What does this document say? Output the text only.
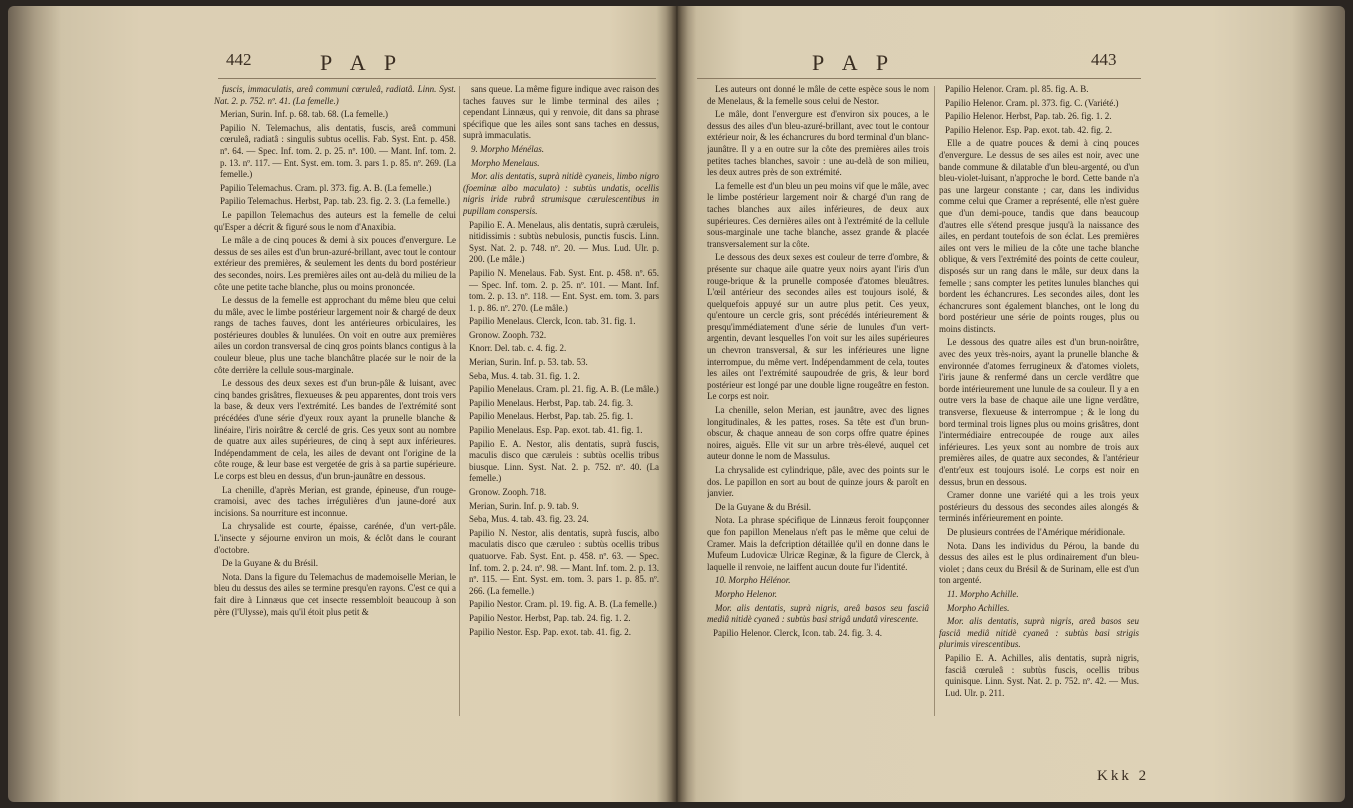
442	P A P

fuscis, immaculatis, areâ communi cœruleâ, radiatâ. Linn. Syst. Nat. 2. p. 752. nº. 41. (La femelle.)

Merian, Surin. Inf. p. 68. tab. 68. (La femelle.)

Papilio N. Telemachus, alis dentatis, fuscis, areâ communi cœruleâ, radiatâ : singulis subtus ocellis. Fab. Syst. Ent. p. 458. nº. 64. — Spec. Inf. tom. 2. p. 25. nº. 100. — Mant. Inf. tom. 2. p. 13. nº. 117. — Ent. Syst. em. tom. 3. pars 1. p. 85. nº. 269. (La femelle.)

Papilio Telemachus. Cram. pl. 373. fig. A. B. (La femelle.)

Papilio Telemachus. Herbst, Pap. tab. 23. fig. 2. 3. (La femelle.)

Le papillon Telemachus des auteurs est la femelle de celui qu'Esper a décrit & figuré sous le nom d'Anaxibia.

Le mâle a de cinq pouces & demi à six pouces d'envergure. Le dessus de ses ailes est d'un brun-azuré-brillant, avec tout le contour extérieur des premières, & seulement les dents du bord postérieur des secondes, noirs. Les premières ailes ont au-delà du milieu de la côte une petite tache blanche, plus ou moins prononcée.

Le dessus de la femelle est approchant du même bleu que celui du mâle, avec le limbe postérieur largement noir & chargé de deux rangs de taches fauves, dont les antérieures orbiculaires, les postérieures doubles & lunulées. On voit en outre aux premières ailes un cordon transversal de cinq gros points blancs contigus à la couleur bleue, plus une tache blanchâtre placée sur le noir de la côte derrière la cellule sous-marginale.

Le dessous des deux sexes est d'un brun-pâle & luisant, avec cinq bandes grisâtres, flexueuses & peu apparentes, dont trois vers la base, & deux vers l'extrémité. Les bandes de l'extrémité sont précédées d'une série d'yeux roux ayant la prunelle blanche & linéaire, l'iris noirâtre & cerclé de gris. Ces yeux sont au nombre de quatre aux ailes supérieures, de cinq à sept aux inférieures. Indépendamment de cela, les ailes de devant ont l'origine de la côte rouge, & leur base est vergetée de gris à sa partie supérieure. Le corps est bleu en dessus, d'un brun-jaunâtre en dessous.

La chenille, d'après Merian, est grande, épineuse, d'un rouge-cramoisi, avec des taches irrégulières d'un jaune-doré aux incisions. Sa nourriture est inconnue.

La chrysalide est courte, épaisse, carénée, d'un vert-pâle. L'insecte y séjourne environ un mois, & éclôt dans le courant d'octobre.

De la Guyane & du Brésil.

Nota. Dans la figure du Telemachus de mademoiselle Merian, le bleu du dessus des ailes se termine presqu'en rayons. C'est ce qui a fait dire à Linnæus que cet insecte ressembloit beaucoup à son père (l'Ulysse), mais qu'il étoit plus petit &

sans queue. La même figure indique avec raison des taches fauves sur le limbe terminal des ailes ; cependant Linnæus, qui y renvoie, dit dans sa phrase spécifique que les ailes sont sans taches en dessus, suprà immaculatis.

9. Morpho Ménélas.

Morpho Menelaus.

Mor. alis dentatis, suprà nitidè cyaneis, limbo nigro (foeminæ albo maculato) : subtùs undatis, ocellis nigris iride rubrâ strumisque cærulescentibus in pupillam conspersis.

Papilio E. A. Menelaus, alis dentatis, suprà cæruleis, nitidissimis : subtùs nebulosis, punctis fuscis. Linn. Syst. Nat. 2. p. 748. nº. 20. — Mus. Lud. Ulr. p. 200. (Le mâle.)

Papilio N. Menelaus. Fab. Syst. Ent. p. 458. nº. 65. — Spec. Inf. tom. 2. p. 25. nº. 101. — Mant. Inf. tom. 2. p. 13. nº. 118. — Ent. Syst. em. tom. 3. pars 1. p. 86. nº. 270. (Le mâle.)

Papilio Menelaus. Clerck, Icon. tab. 31. fig. 1.

Gronow. Zooph. 732.

Knorr. Del. tab. c. 4. fig. 2.

Merian, Surin. Inf. p. 53. tab. 53.

Seba, Mus. 4. tab. 31. fig. 1. 2.

Papilio Menelaus. Cram. pl. 21. fig. A. B. (Le mâle.)

Papilio Menelaus. Herbst, Pap. tab. 24. fig. 3.

Papilio Menelaus. Herbst, Pap. tab. 25. fig. 1.

Papilio Menelaus. Esp. Pap. exot. tab. 41. fig. 1.

Papilio E. A. Nestor, alis dentatis, suprà fuscis, maculis disco que cæruleis : subtùs ocellis tribus biusque. Linn. Syst. Nat. 2. p. 752. nº. 40. (La femelle.)

Gronow. Zooph. 718.

Merian, Surin. Inf. p. 9. tab. 9.

Seba, Mus. 4. tab. 43. fig. 23. 24.

Papilio N. Nestor, alis dentatis, suprà fuscis, albo maculatis disco que cæruleo : subtùs ocellis tribus quatuorve. Fab. Syst. Ent. p. 458. nº. 63. — Spec. Inf. tom. 2. p. 24. nº. 98. — Mant. Inf. tom. 2. p. 13. nº. 115. — Ent. Syst. em. tom. 3. pars 1. p. 85. nº. 266. (La femelle.)

Papilio Nestor. Cram. pl. 19. fig. A. B. (La femelle.)

Papilio Nestor. Herbst, Pap. tab. 24. fig. 1. 2.

Papilio Nestor. Esp. Pap. exot. tab. 41. fig. 2.

P A P	443

Les auteurs ont donné le mâle de cette espèce sous le nom de Menelaus, & la femelle sous celui de Nestor.

Le mâle, dont l'envergure est d'environ six pouces, a le dessus des ailes d'un bleu-azuré-brillant, avec tout le contour extérieur noir, & les échancrures du bord terminal d'un blanc-jaunâtre. Il y a en outre sur la côte des premières ailes trois petites taches blanches, savoir : une au-delà de son milieu, les deux autres près de son extrémité.

La femelle est d'un bleu un peu moins vif que le mâle, avec le limbe postérieur largement noir & chargé d'un rang de taches blanches aux ailes inférieures, de deux aux supérieures. Ces dernières ailes ont à l'extrémité de la cellule sous-marginale une tache blanche, assez grande & placée transversalement sur la côte.

Le dessous des deux sexes est couleur de terre d'ombre, & présente sur chaque aile quatre yeux noirs ayant l'iris d'un rouge-brique & la prunelle composée d'atomes bleuâtres. L'œil antérieur des secondes ailes est toujours isolé, & quelquefois appuyé sur un autre plus petit. Ces yeux, qu'entoure un cercle gris, sont précédés intérieurement & presqu'immédiatement d'une série de lunules d'un vert-argentin, devant lesquelles l'on voit sur les ailes supérieures un chevron transversal, & sur les inférieures une ligne interrompue, du même vert. Indépendamment de cela, toutes les ailes ont l'extrémité saupoudrée de gris, & leur bord postérieur est longé par une double ligne rougeâtre en feston. Le corps est noir.

La chenille, selon Merian, est jaunâtre, avec des lignes longitudinales, & les pattes, roses. Sa tête est d'un brun-obscur, & chaque anneau de son corps offre quatre épines noires, aiguës. Elle vit sur un arbre très-élevé, auquel cet auteur donne le nom de Massulus.

La chrysalide est cylindrique, pâle, avec des points sur le dos. Le papillon en sort au bout de quinze jours & paroît en janvier.

De la Guyane & du Brésil.

Nota. La phrase spécifique de Linnæus feroit foupçonner que fon papillon Menelaus n'eft pas le même que celui de Cramer. Mais la defcription détaillée qu'il en donne dans le Mufeum Ludovicæ Ulricæ Reginæ, & la figure de Clerck, à laquelle il renvoie, ne laiffent aucun doute fur l'identité.

10. Morpho Hélénor.

Morpho Helenor.

Mor. alis dentatis, suprà nigris, areâ basos seu fasciâ mediâ nitidè cyaneâ : subtùs basi strigâ undatâ virescente.

Papilio Helenor. Clerck, Icon. tab. 24. fig. 3. 4.

Papilio Helenor. Cram. pl. 85. fig. A. B.

Papilio Helenor. Cram. pl. 373. fig. C. (Variété.)

Papilio Helenor. Herbst, Pap. tab. 26. fig. 1. 2.

Papilio Helenor. Esp. Pap. exot. tab. 42. fig. 2.

Elle a de quatre pouces & demi à cinq pouces d'envergure. Le dessus de ses ailes est noir, avec une bande commune & dilatable d'un bleu-argenté, ou d'un bleu-violet-luisant, n'approche le bord. Cette bande n'a pas une largeur constante ; car, dans les individus comme celui que Cramer a représenté, elle n'est guère que d'un demi-pouce, tandis que dans beaucoup d'autres elle s'étend presque jusqu'à la naissance des ailes, en perdant toutefois de son éclat. Les premières ailes ont vers le milieu de la côte une tache blanche oblique, & vers l'extrémité des points de cette couleur, disposés sur un rang dans le mâle, sur deux dans la femelle ; sans compter les petites lunules blanches qui bordent les échancrures. Les secondes ailes, dont les échancrures sont également blanches, ont le long du bord postérieur une série de points rouges, plus ou moins distincts.

Le dessous des quatre ailes est d'un brun-noirâtre, avec des yeux très-noirs, ayant la prunelle blanche & environnée d'atomes ferrugineux & d'atomes violets, l'iris jaune & renfermé dans un cercle verdâtre que borde intérieurement une lunule de sa couleur. Il y a en outre vers la base de chaque aile une ligne verdâtre, transverse, flexueuse & interrompue ; & le long du bord terminal trois lignes plus ou moins grisâtres, dont l'intermédiaire entrecoupée de rouge aux ailes inférieures. Les yeux sont au nombre de trois aux premières ailes, de quatre aux secondes, & l'antérieur d'entr'eux est toujours isolé. Le corps est noir en dessus, brun en dessous.

Cramer donne une variété qui a les trois yeux postérieurs du dessous des secondes ailes alongés & terminés inférieurement en pointe.

De plusieurs contrées de l'Amérique méridionale.

Nota. Dans les individus du Pérou, la bande du dessus des ailes est le plus ordinairement d'un bleu-violet ; dans ceux du Brésil & de Surinam, elle est d'un ton argenté.

11. Morpho Achille.

Morpho Achilles.

Mor. alis dentatis, suprà nigris, areâ basos seu fasciâ mediâ nitidè cyaneâ : subtùs basi strigis plurimis virescentibus.

Papilio E. A. Achilles, alis dentatis, suprà nigris, fasciâ cœruleâ : subtùs fuscis, ocellis tribus quinisque. Linn. Syst. Nat. 2. p. 752. nº. 42. — Mus. Lud. Ulr. p. 211.

Kkk 2
